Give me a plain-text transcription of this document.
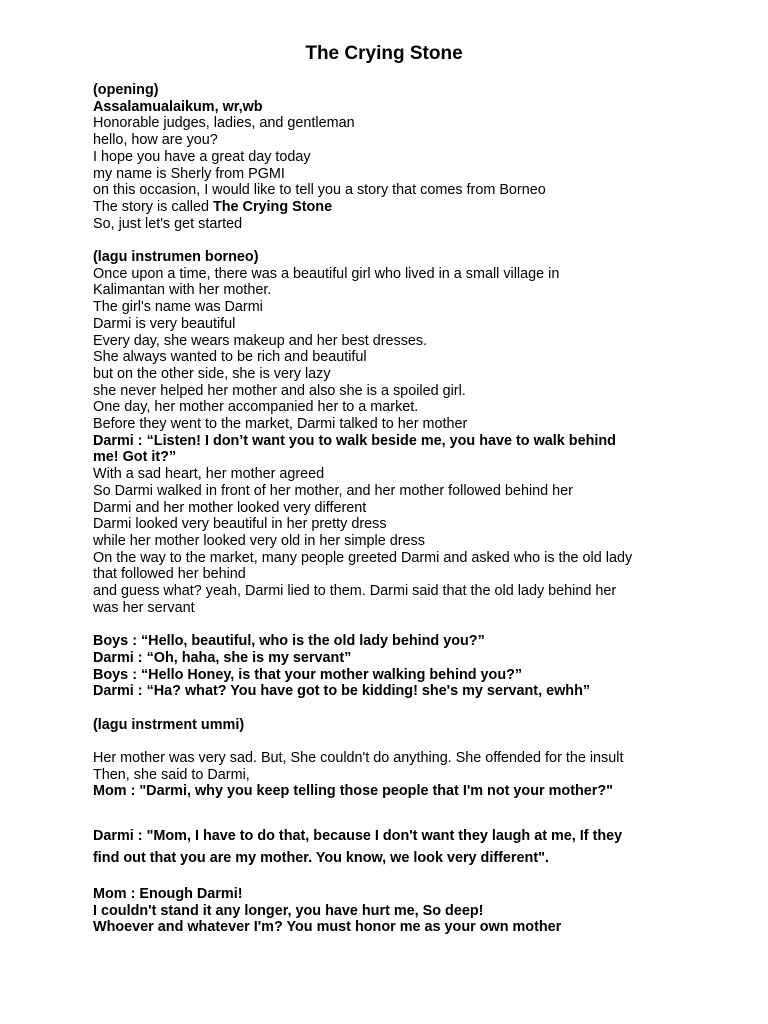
The Crying Stone
(opening)
Assalamualaikum, wr,wb
Honorable judges, ladies, and gentleman
hello, how are you?
I hope you have a great day today
my name is Sherly from PGMI
on this occasion, I would like to tell you a story that comes from Borneo
The story is called The Crying Stone
So, just let's get started
(lagu instrumen borneo)
Once upon a time, there was a beautiful girl who lived in a small village in
Kalimantan with her mother.
The girl's name was Darmi
Darmi is very beautiful
Every day, she wears makeup and her best dresses.
She always wanted to be rich and beautiful
but on the other side, she is very lazy
she never helped her mother and also she is a spoiled girl.
One day, her mother accompanied her to a market.
Before they went to the market, Darmi talked to her mother
Darmi : “Listen! I don’t want you to walk beside me, you have to walk behind
me! Got it?”
With a sad heart, her mother agreed
So Darmi walked in front of her mother, and her mother followed behind her
Darmi and her mother looked very different
Darmi looked very beautiful in her pretty dress
while her mother looked very old in her simple dress
On the way to the market, many people greeted Darmi and asked who is the old lady
that followed her behind
and guess what? yeah, Darmi lied to them. Darmi said that the old lady behind her
was her servant
Boys : “Hello, beautiful, who is the old lady behind you?”
Darmi : “Oh, haha, she is my servant”
Boys : “Hello Honey, is that your mother walking behind you?”
Darmi : “Ha? what? You have got to be kidding! she's my servant, ewhh”
(lagu instrment ummi)
Her mother was very sad. But, She couldn't do anything. She offended for the insult
Then, she said to Darmi,
Mom : "Darmi, why you keep telling those people that I'm not your mother?"
Darmi : "Mom, I have to do that, because I don't want they laugh at me, If they
find out that you are my mother. You know, we look very different".
Mom : Enough Darmi!
I couldn't stand it any longer, you have hurt me, So deep!
Whoever and whatever I'm? You must honor me as your own mother
